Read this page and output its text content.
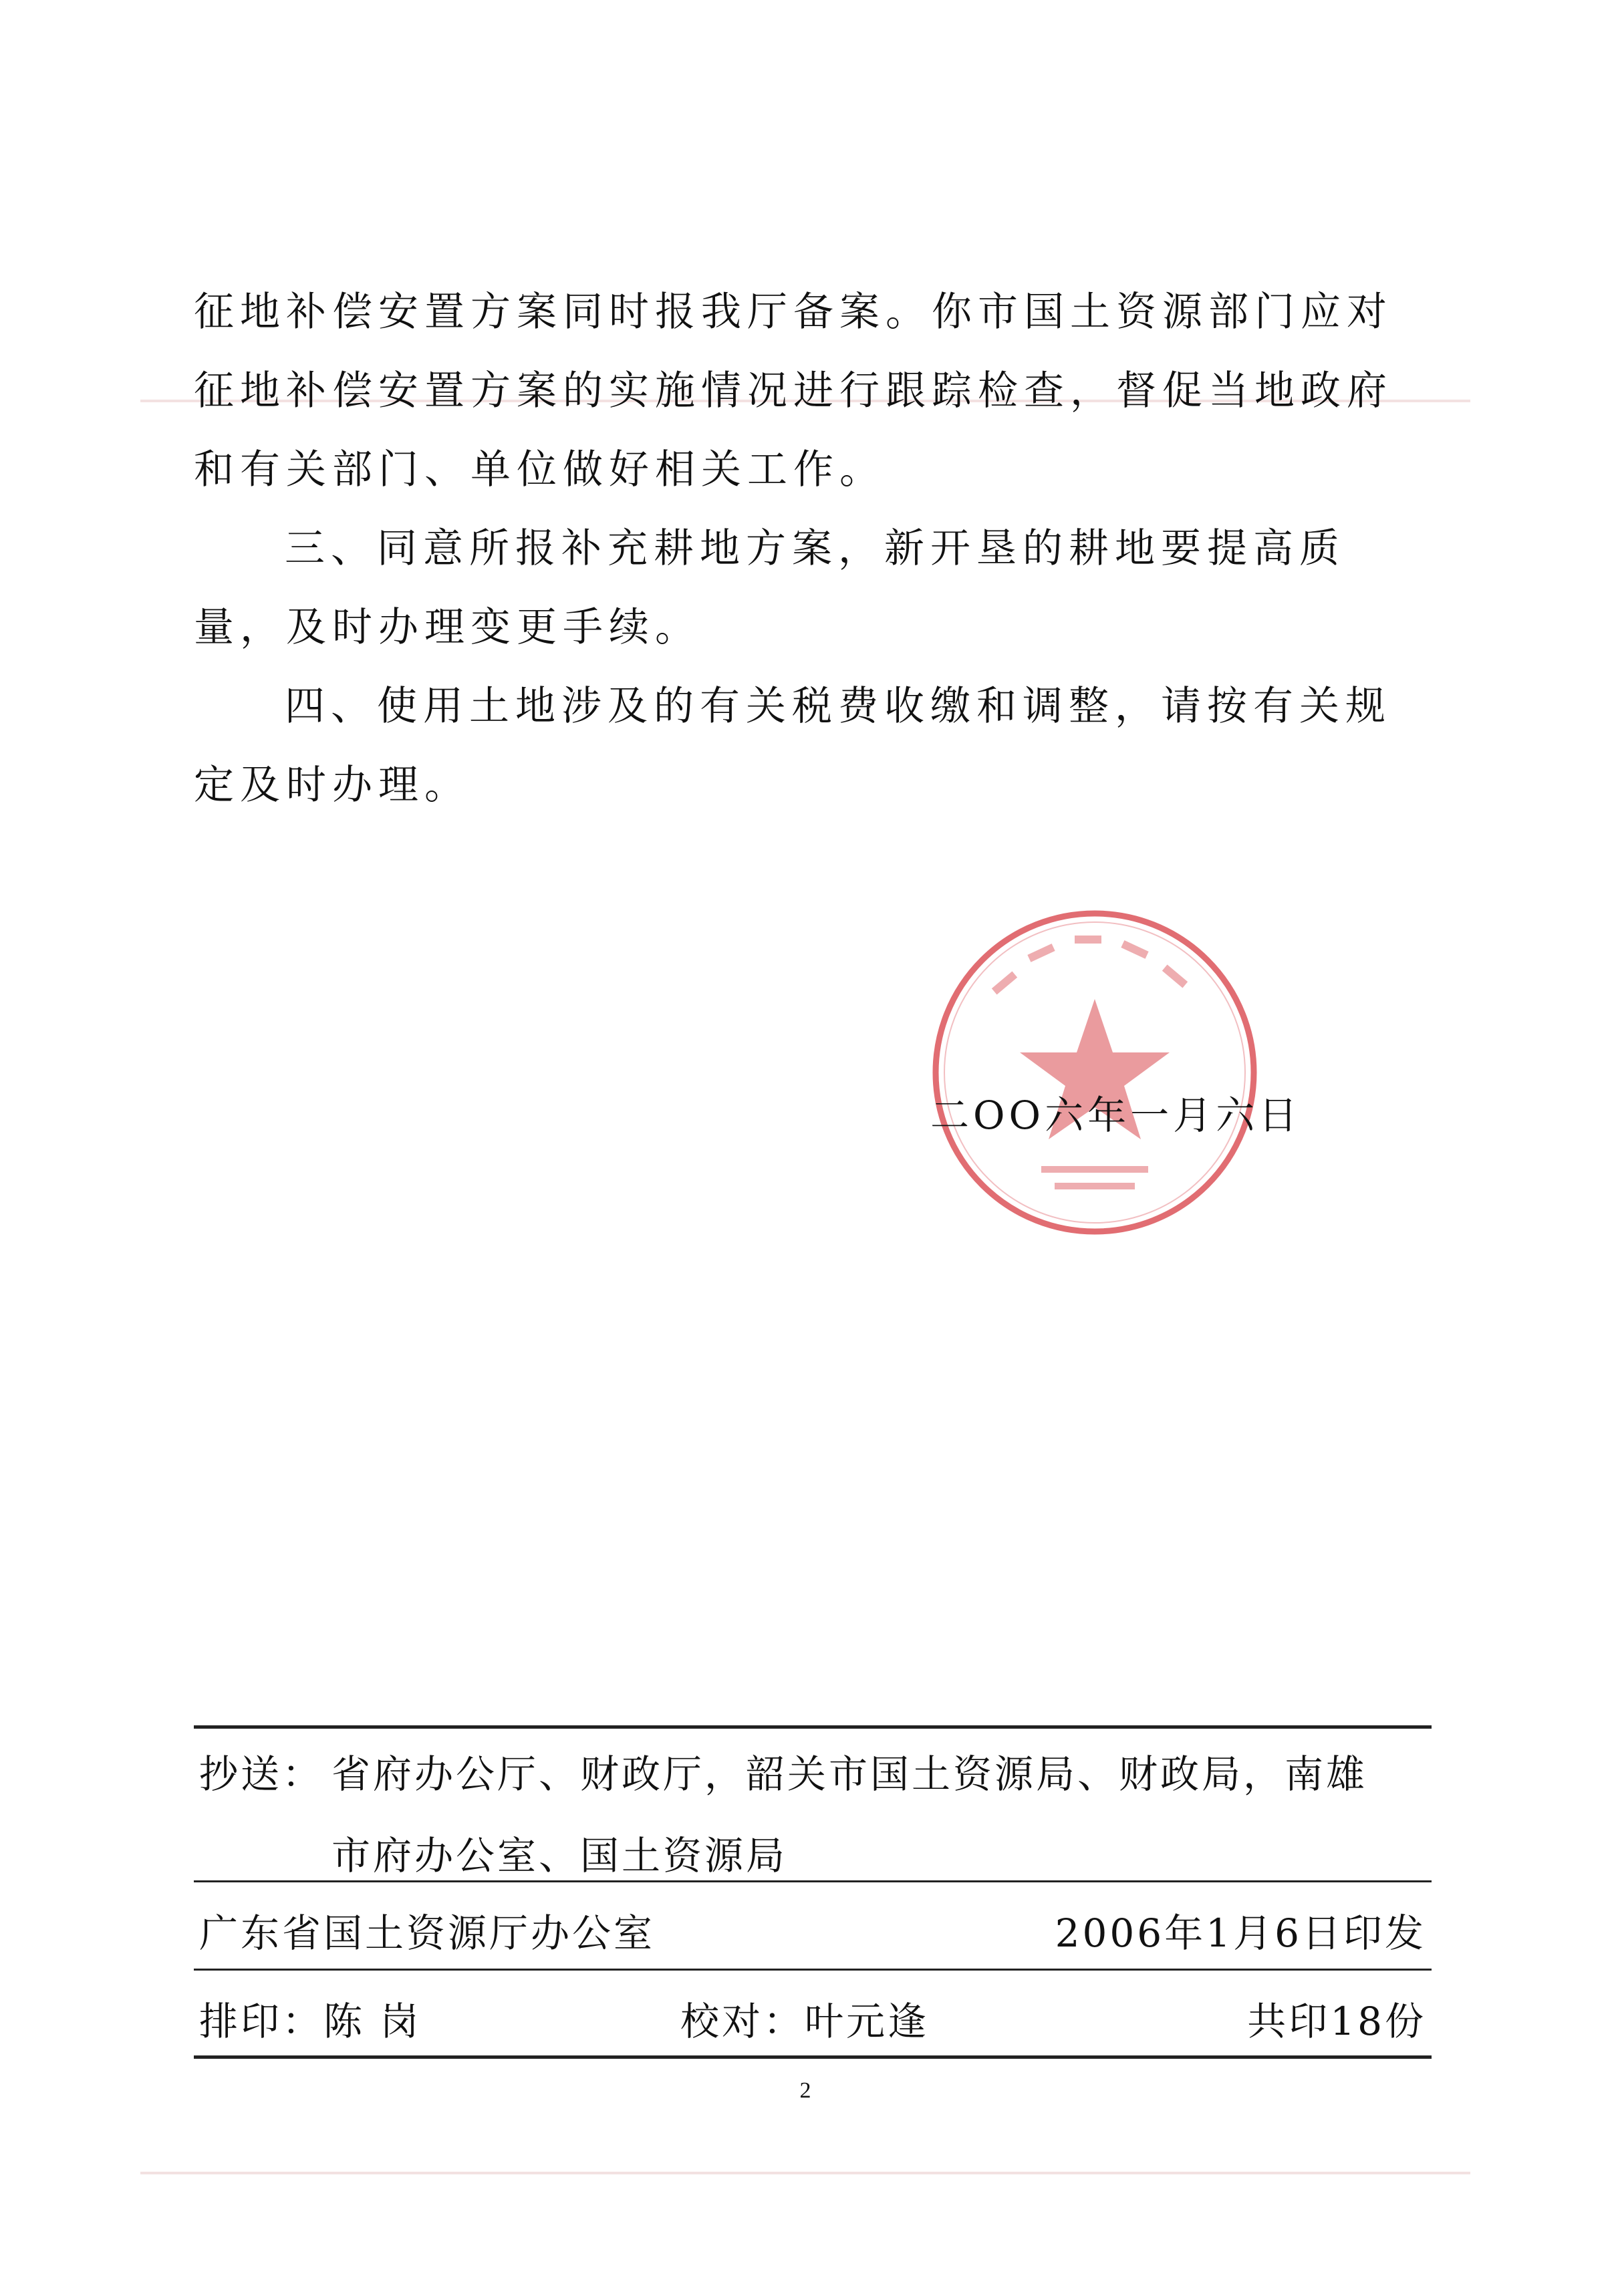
征地补偿安置方案同时报我厅备案。你市国土资源部门应对征地补偿安置方案的实施情况进行跟踪检查，督促当地政府和有关部门、单位做好相关工作。

三、同意所报补充耕地方案，新开垦的耕地要提高质量，及时办理变更手续。

四、使用土地涉及的有关税费收缴和调整，请按有关规定及时办理。

二OO六年一月六日
抄送： 省府办公厅、财政厅，韶关市国土资源局、财政局，南雄
市府办公室、国土资源局
广东省国土资源厅办公室	2006年1月6日印发
排印：陈 岗	校对：叶元逢	共印18份
2
